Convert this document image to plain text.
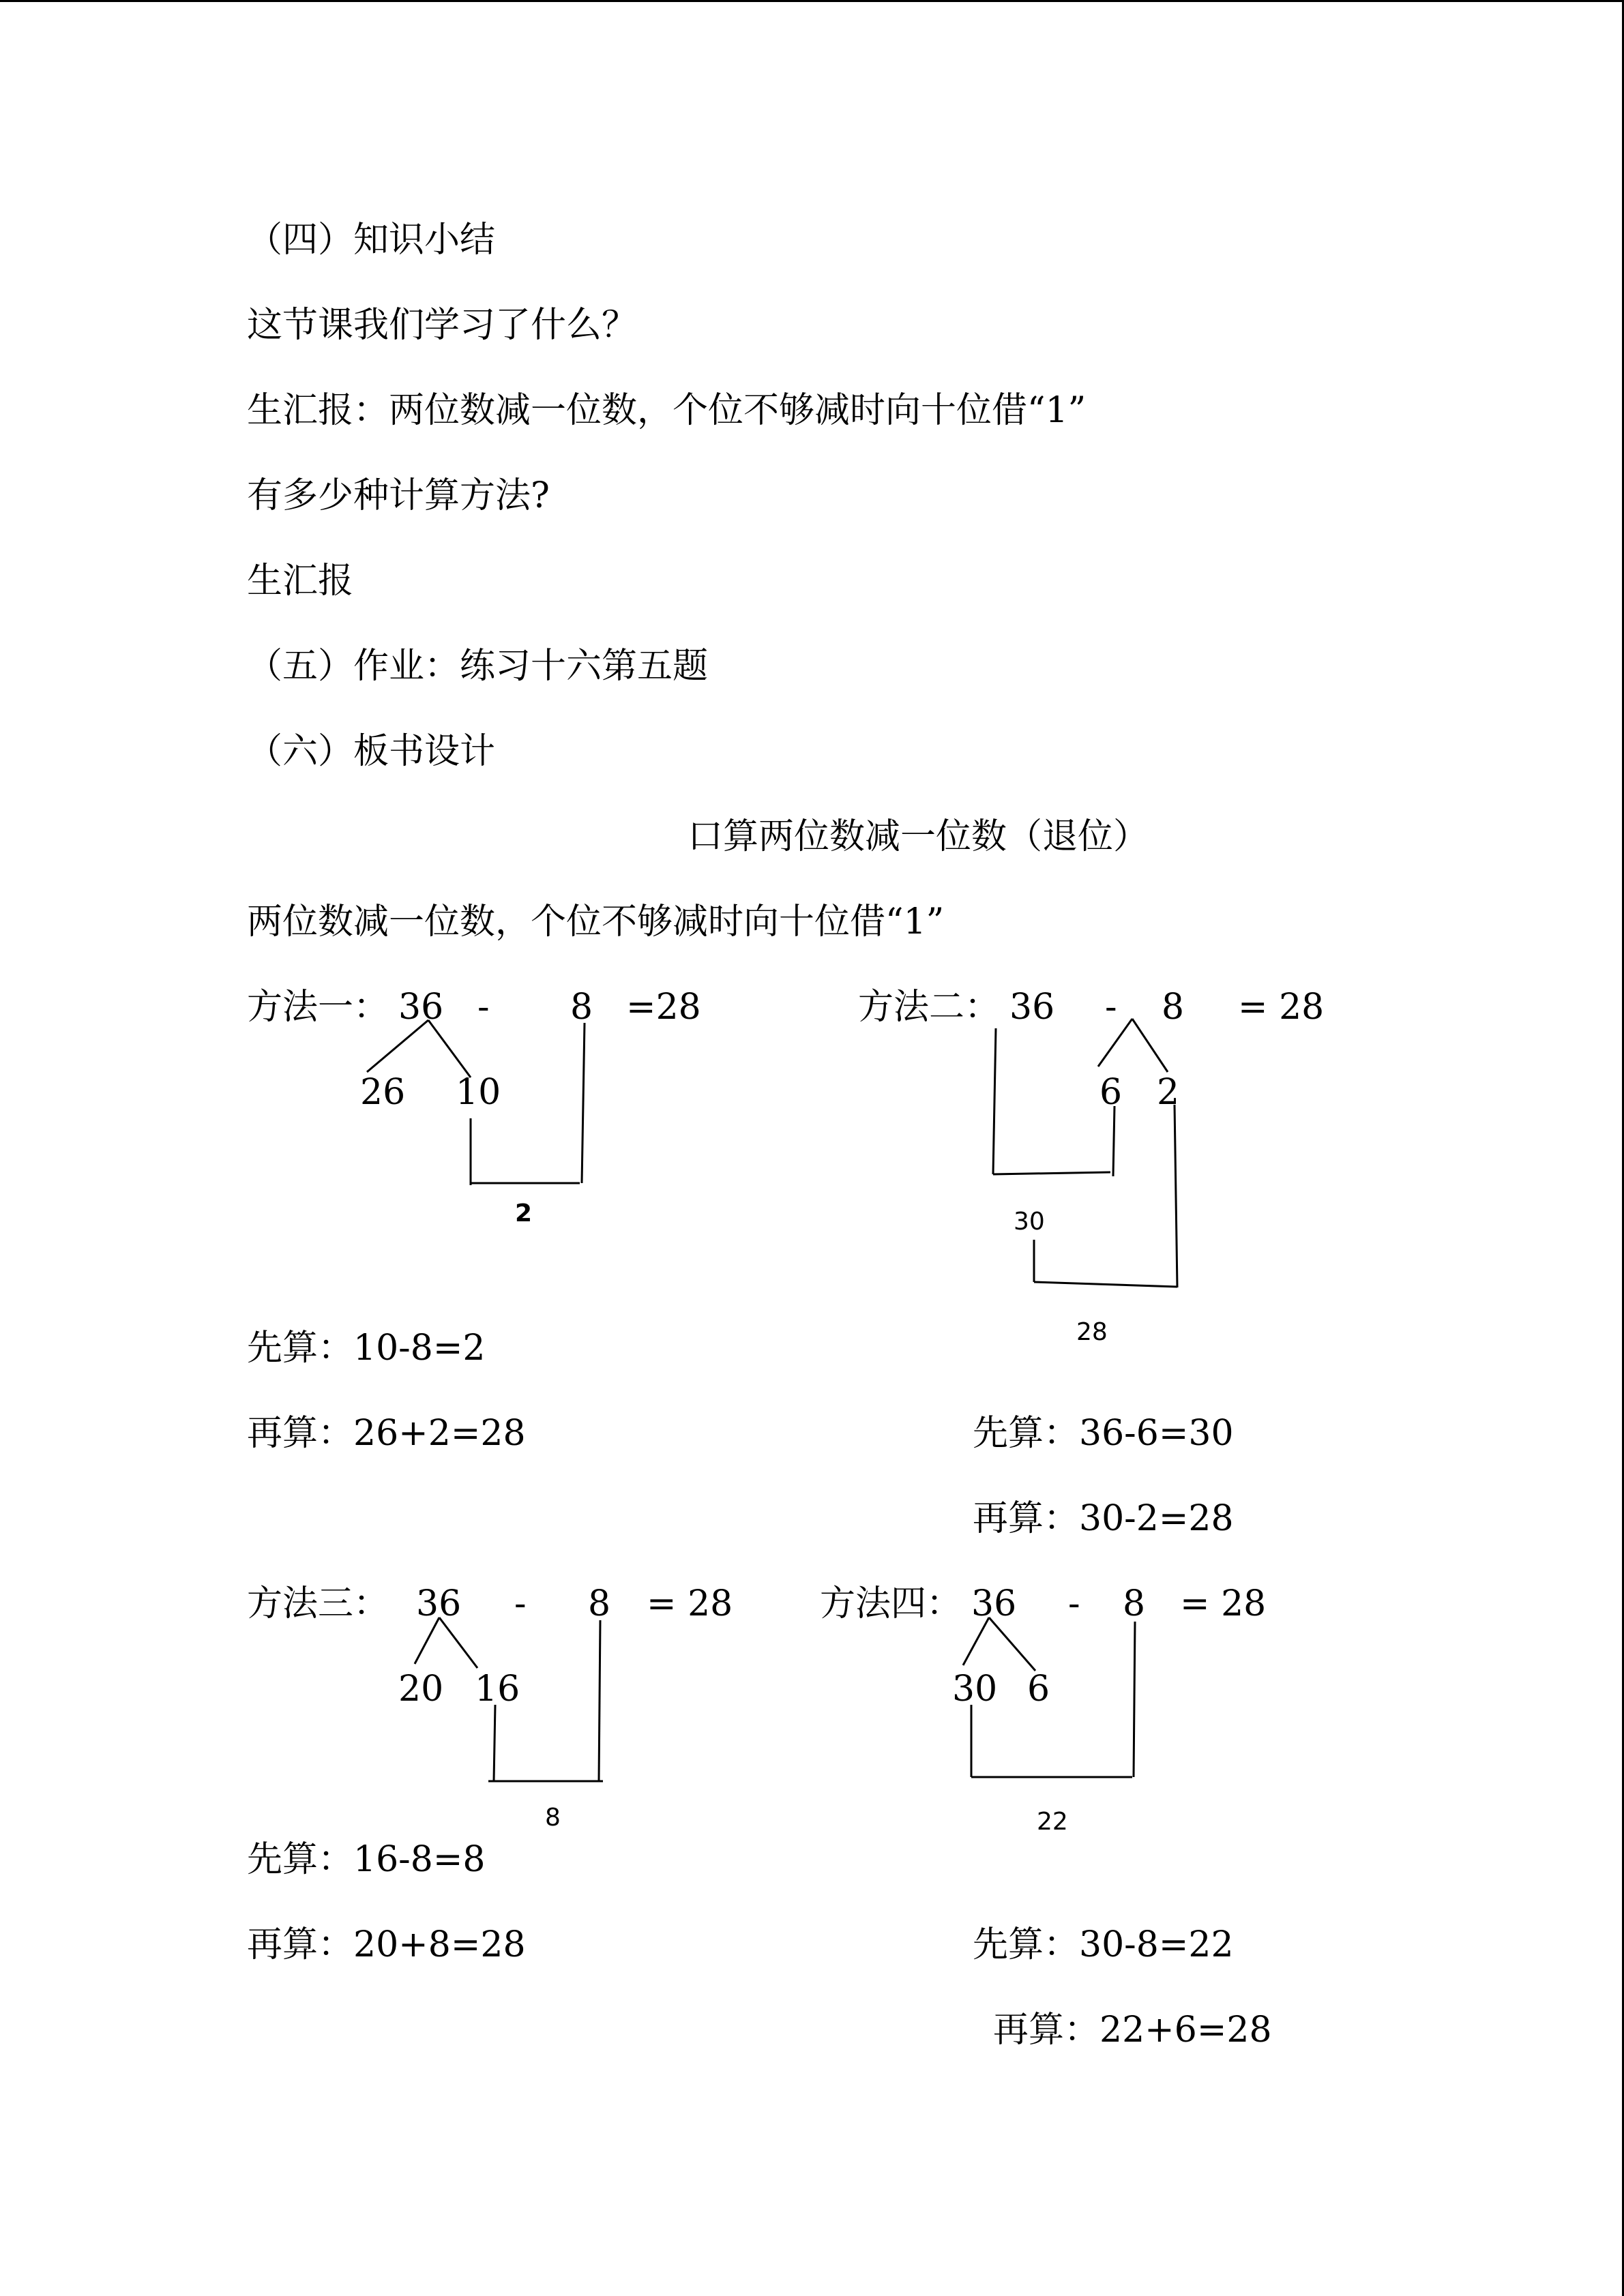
（四）知识小结
这节课我们学习了什么？
生汇报：两位数减一位数，个位不够减时向十位借“1”
有多少种计算方法?
生汇报
（五）作业：练习十六第五题
（六）板书设计
口算两位数减一位数（退位）
两位数减一位数，个位不够减时向十位借“1”
方法一： 36 - 8 =28
26 10
2
先算：10-8=2
再算：26+2=28
方法二： 36 - 8 = 28
6 2
30
28
先算：36-6=30
再算：30-2=28
方法三： 36 - 8 = 28
20 16
8
先算：16-8=8
再算：20+8=28
方法四： 36 - 8 = 28
30 6
22
先算：30-8=22
再算：22+6=28
